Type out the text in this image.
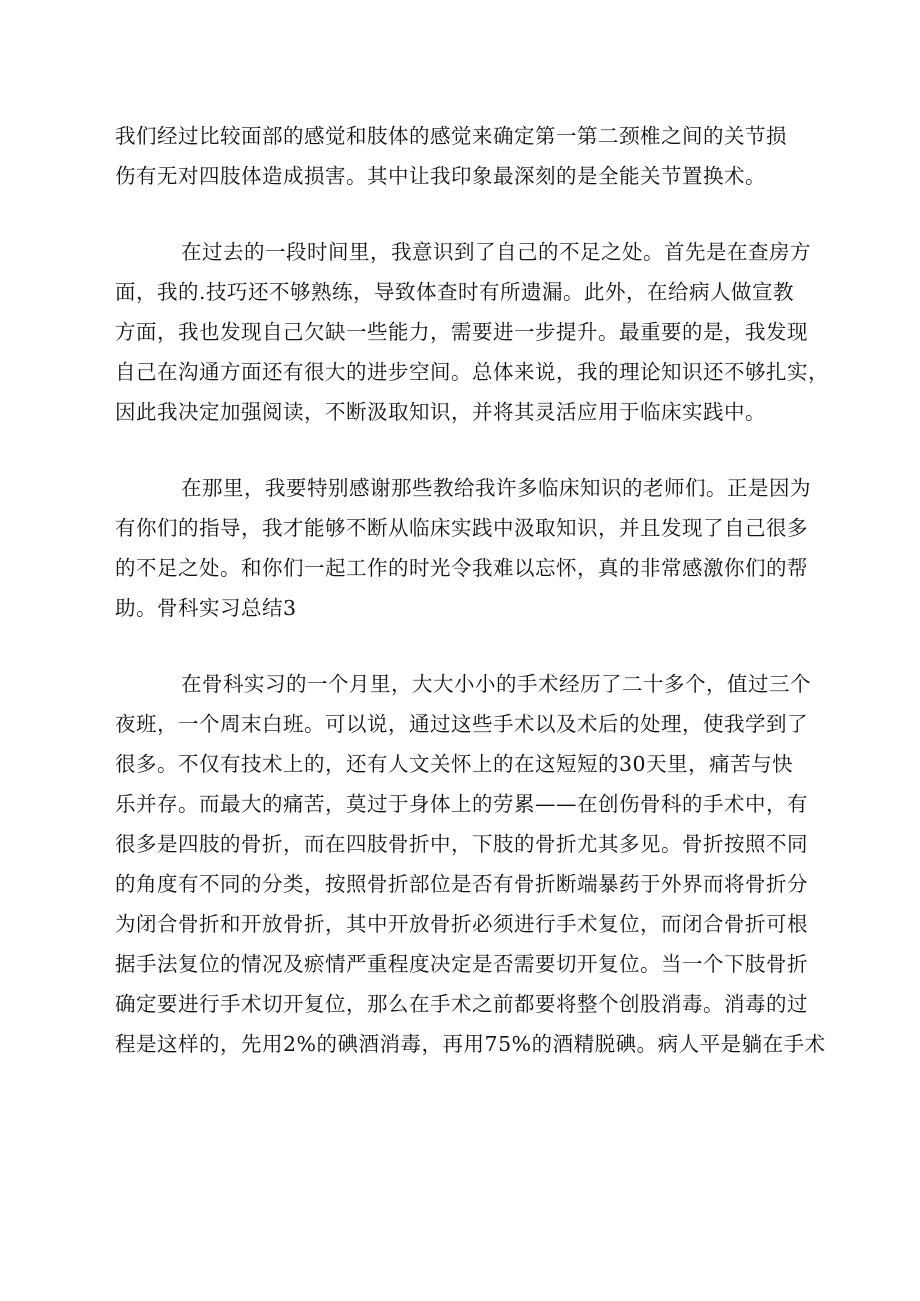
我们经过比较面部的感觉和肢体的感觉来确定第一第二颈椎之间的关节损
伤有无对四肢体造成损害。其中让我印象最深刻的是全能关节置换术。
在过去的一段时间里，我意识到了自己的不足之处。首先是在查房方
面，我的.技巧还不够熟练，导致体查时有所遗漏。此外，在给病人做宣教
方面，我也发现自己欠缺一些能力，需要进一步提升。最重要的是，我发现
自己在沟通方面还有很大的进步空间。总体来说，我的理论知识还不够扎实，
因此我决定加强阅读，不断汲取知识，并将其灵活应用于临床实践中。
在那里，我要特别感谢那些教给我许多临床知识的老师们。正是因为
有你们的指导，我才能够不断从临床实践中汲取知识，并且发现了自己很多
的不足之处。和你们一起工作的时光令我难以忘怀，真的非常感激你们的帮
助。骨科实习总结3
在骨科实习的一个月里，大大小小的手术经历了二十多个，值过三个
夜班，一个周末白班。可以说，通过这些手术以及术后的处理，使我学到了
很多。不仅有技术上的，还有人文关怀上的在这短短的30天里，痛苦与快
乐并存。而最大的痛苦，莫过于身体上的劳累——在创伤骨科的手术中，有
很多是四肢的骨折，而在四肢骨折中，下肢的骨折尤其多见。骨折按照不同
的角度有不同的分类，按照骨折部位是否有骨折断端暴药于外界而将骨折分
为闭合骨折和开放骨折，其中开放骨折必须进行手术复位，而闭合骨折可根
据手法复位的情况及瘀情严重程度决定是否需要切开复位。当一个下肢骨折
确定要进行手术切开复位，那么在手术之前都要将整个创股消毒。消毒的过
程是这样的，先用2%的碘酒消毒，再用75%的酒精脱碘。病人平是躺在手术
